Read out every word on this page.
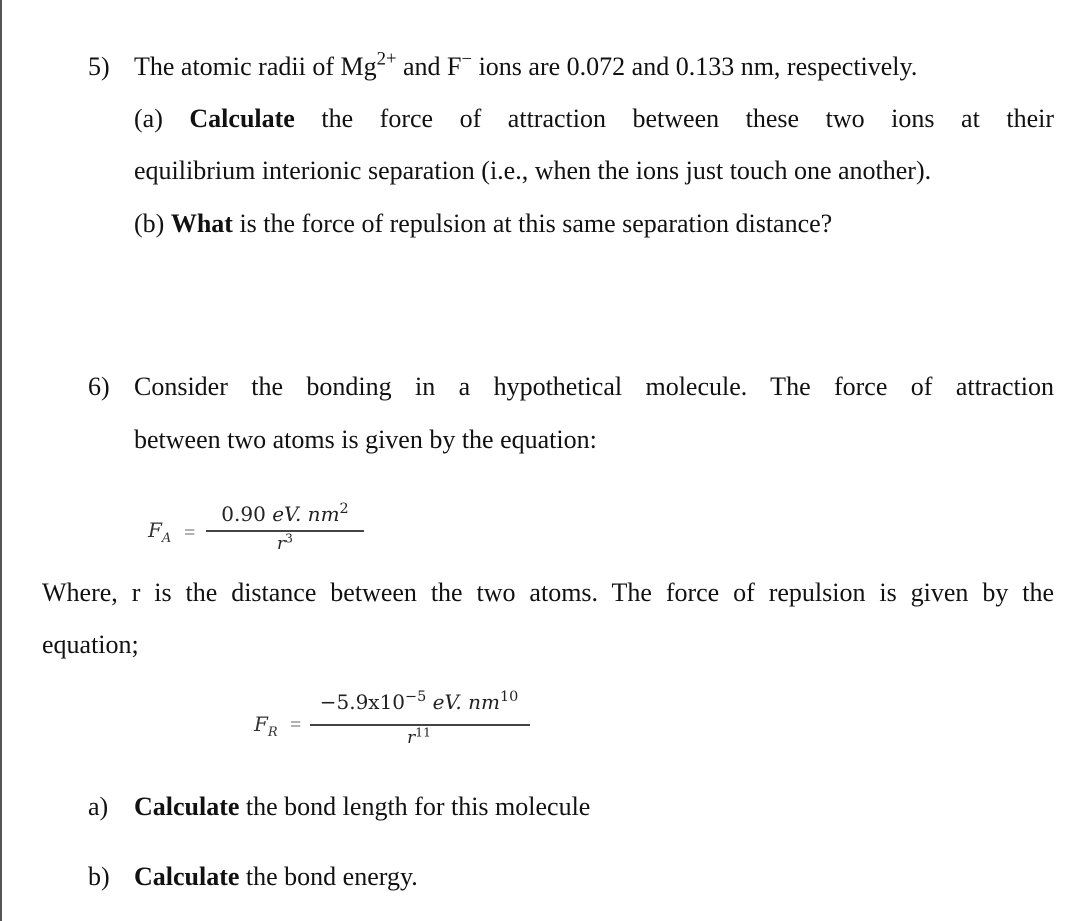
5) The atomic radii of $Mg^{2+}$ and F− ions are 0.072 and 0.133 nm, respectively.
(a) Calculate the force of attraction between these two ions at their
equilibrium interionic separation (i.e., when the ions just touch one another).
(b) What is the force of repulsion at this same separation distance?
6) Consider the bonding in a hypothetical molecule. The force of attraction
between two atoms is given by the equation:
$F_A$ =
0.90 eV. $nm^2$
$r^3$
Where, r is the distance between the two atoms. The force of repulsion is given by the
equation;
$F_R$ =
$-5.9x10^{-5}$ eV. $nm^{10}$
$r^{11}$
a) Calculate the bond length for this molecule
b) Calculate the bond energy.
